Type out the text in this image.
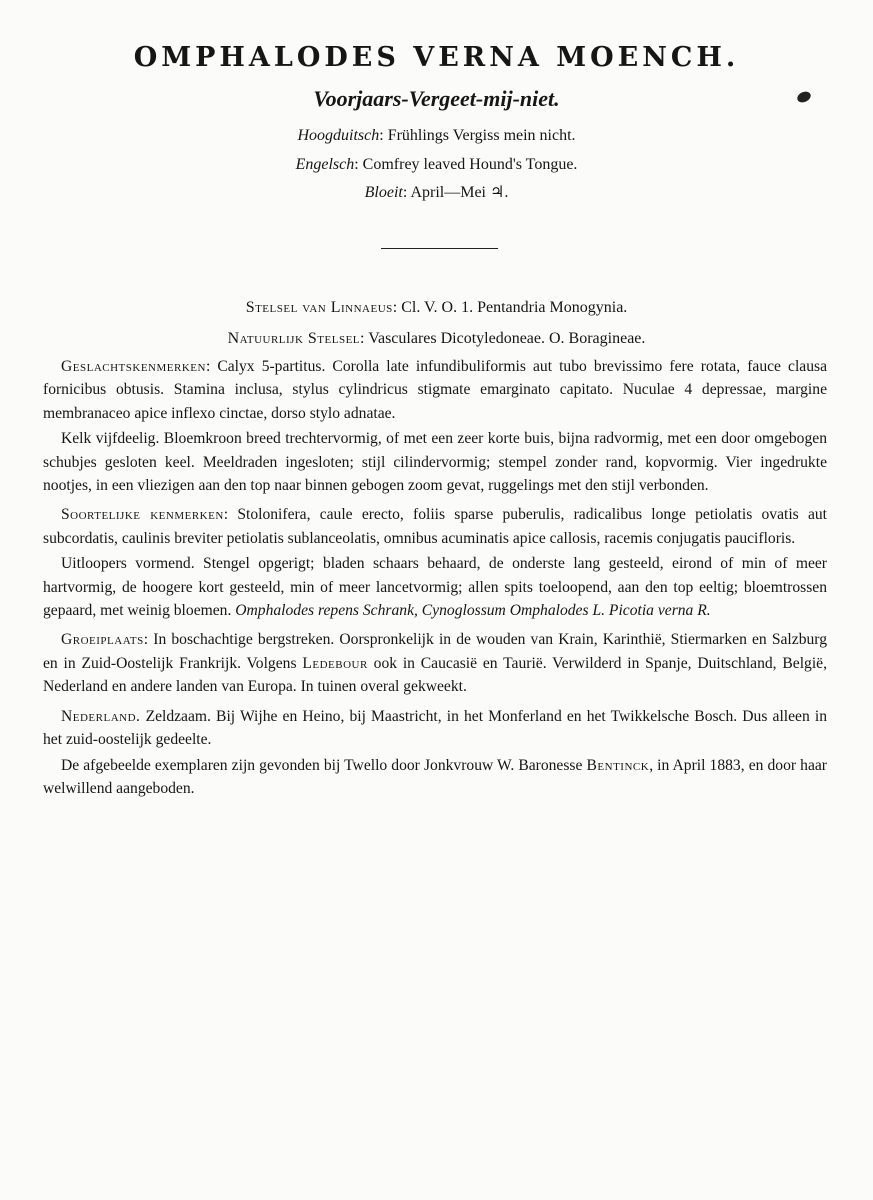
OMPHALODES VERNA MOENCH.
Voorjaars-Vergeet-mij-niet.
Hoogduitsch: Frühlings Vergiss mein nicht.
Engelsch: Comfrey leaved Hound's Tongue.
Bloeit: April—Mei ♃.
Stelsel van Linnaeus: Cl. V. O. 1. Pentandria Monogynia.
Natuurlijk Stelsel: Vasculares Dicotyledoneae. O. Boragineae.

Geslachtskenmerken: Calyx 5-partitus. Corolla late infundibuliformis aut tubo brevissimo fere rotata, fauce clausa fornicibus obtusis. Stamina inclusa, stylus cylindricus stigmate emarginato capitato. Nuculae 4 depressae, margine membranaceo apice inflexo cinctae, dorso stylo adnatae.

Kelk vijfdeelig. Bloemkroon breed trechtervormig, of met een zeer korte buis, bijna radvormig, met een door omgebogen schubjes gesloten keel. Meeldraden ingesloten; stijl cilindervormig; stempel zonder rand, kopvormig. Vier ingedrukte nootjes, in een vliezigen aan den top naar binnen gebogen zoom gevat, ruggelings met den stijl verbonden.

Soortelijke kenmerken: Stolonifera, caule erecto, foliis sparse puberulis, radicalibus longe petiolatis ovatis aut subcordatis, caulinis breviter petiolatis sublanceolatis, omnibus acuminatis apice callosis, racemis conjugatis paucifloris.

Uitloopers vormend. Stengel opgerigt; bladen schaars behaard, de onderste lang gesteeld, eirond of min of meer hartvormig, de hoogere kort gesteeld, min of meer lancetvormig; allen spits toeloopend, aan den top eeltig; bloemtrossen gepaard, met weinig bloemen. Omphalodes repens Schrank, Cynoglossum Omphalodes L. Picotia verna R.

Groeiplaats: In boschachtige bergstreken. Oorspronkelijk in de wouden van Krain, Karinthië, Stiermarken en Salzburg en in Zuid-Oostelijk Frankrijk. Volgens Ledebour ook in Caucasië en Taurië. Verwilderd in Spanje, Duitschland, België, Nederland en andere landen van Europa. In tuinen overal gekweekt.

Nederland. Zeldzaam. Bij Wijhe en Heino, bij Maastricht, in het Monferland en het Twikkelsche Bosch. Dus alleen in het zuid-oostelijk gedeelte.

De afgebeelde exemplaren zijn gevonden bij Twello door Jonkvrouw W. Baronesse Bentinck, in April 1883, en door haar welwillend aangeboden.
